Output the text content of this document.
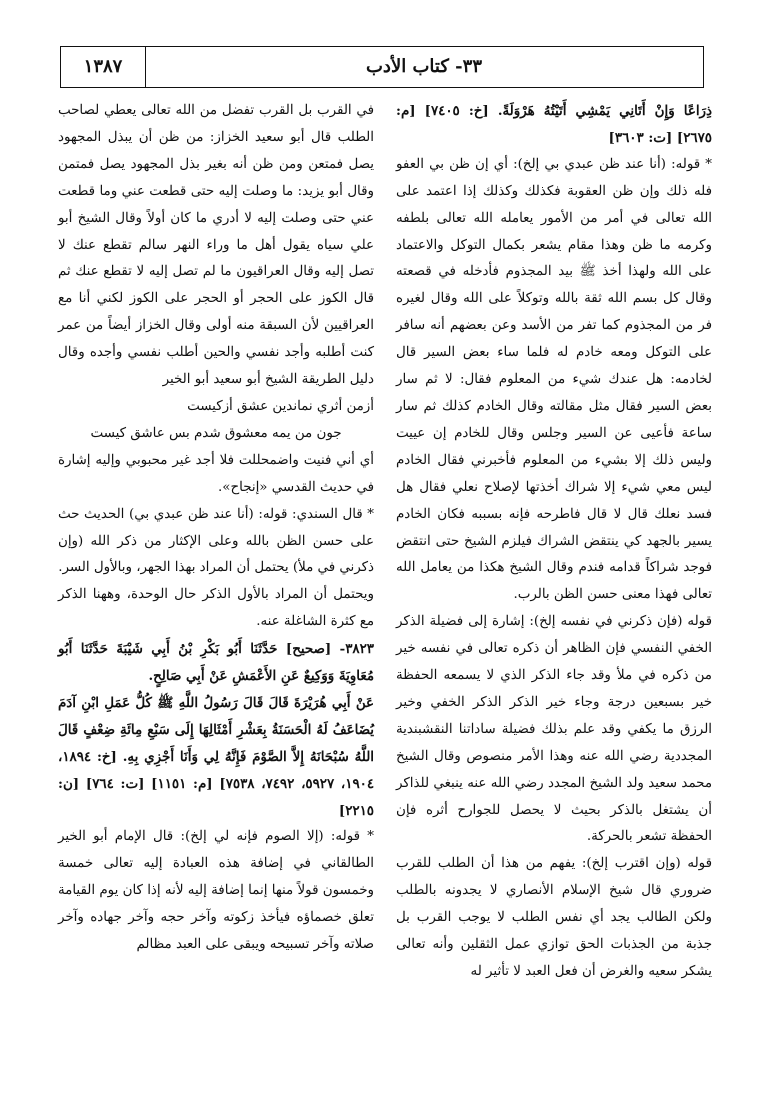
١٣٨٧	٣٣- كتاب الأدب

ذِرَاعًا وَإِنْ أَتَانِي يَمْشِي أَتَيْتُهُ هَرْوَلَةً. [خ: ٧٤٠٥] [م: ٢٦٧٥] [ت: ٣٦٠٣]

* قوله: (أنا عند ظن عبدي بي إلخ): أي إن ظن بي العفو فله ذلك وإن ظن العقوبة فكذلك وكذلك إذا اعتمد على الله تعالى في أمر من الأمور يعامله الله تعالى بلطفه وكرمه ما ظن وهذا مقام يشعر بكمال التوكل والاعتماد على الله ولهذا أخذ ﷺ بيد المجذوم فأدخله في قصعته وقال كل بسم الله ثقة بالله وتوكلاً على الله وقال لغيره فر من المجذوم كما تفر من الأسد وعن بعضهم أنه سافر على التوكل ومعه خادم له فلما ساء بعض السير قال لخادمه: هل عندك شيء من المعلوم فقال: لا ثم سار بعض السير فقال مثل مقالته وقال الخادم كذلك ثم سار ساعة فأعيى عن السير وجلس وقال للخادم إن عييت وليس ذلك إلا بشيء من المعلوم فأخبرني فقال الخادم ليس معي شيء إلا شراك أخذتها لإصلاح نعلي فقال هل فسد نعلك قال لا قال فاطرحه فإنه بسببه فكان الخادم يسير بالجهد كي ينتقض الشراك فيلزم الشيخ حتى انتقض فوجد شراكاً قدامه فندم وقال الشيخ هكذا من يعامل الله تعالى فهذا معنى حسن الظن بالرب.

قوله (فإن ذكرني في نفسه إلخ): إشارة إلى فضيلة الذكر الخفي النفسي فإن الظاهر أن ذكره تعالى في نفسه خير من ذكره في ملأ وقد جاء الذكر الذي لا يسمعه الحفظة خير بسبعين درجة وجاء خير الذكر الذكر الخفي وخير الرزق ما يكفي وقد علم بذلك فضيلة ساداتنا النقشبندية المجددية رضي الله عنه وهذا الأمر منصوص وقال الشيخ محمد سعيد ولد الشيخ المجدد رضي الله عنه ينبغي للذاكر أن يشتغل بالذكر بحيث لا يحصل للجوارح أثره فإن الحفظة تشعر بالحركة.

قوله (وإن اقترب إلخ): يفهم من هذا أن الطلب للقرب ضروري قال شيخ الإسلام الأنصاري لا يجدونه بالطلب ولكن الطالب يجد أي نفس الطلب لا يوجب القرب بل جذبة من الجذبات الحق توازي عمل الثقلين وأنه تعالى يشكر سعيه والغرض أن فعل العبد لا تأثير له

في القرب بل القرب تفضل من الله تعالى يعطي لصاحب الطلب قال أبو سعيد الخزاز: من ظن أن يبذل المجهود يصل فمتعن ومن ظن أنه بغير بذل المجهود يصل فمتمن وقال أبو يزيد: ما وصلت إليه حتى قطعت عني وما قطعت عني حتى وصلت إليه لا أدري ما كان أولاً وقال الشيخ أبو علي سياه يقول أهل ما وراء النهر سالم تقطع عنك لا تصل إليه وقال العراقيون ما لم تصل إليه لا تقطع عنك ثم قال الكوز على الحجر أو الحجر على الكوز لكني أنا مع العراقيين لأن السبقة منه أولى وقال الخزاز أيضاً من عمر كنت أطلبه وأجد نفسي والحين أطلب نفسي وأجده وقال دليل الطريقة الشيخ أبو سعيد أبو الخير

أزمن أثري نماندين عشق أزكيست

جون من يمه معشوق شدم بس عاشق كيست

أي أني فنيت واضمحللت فلا أجد غير محبوبي وإليه إشارة في حديث القدسي «إنجاح».

* قال السندي: قوله: (أنا عند ظن عبدي بي) الحديث حث على حسن الظن بالله وعلى الإكثار من ذكر الله (وإن ذكرني في ملأ) يحتمل أن المراد بهذا الجهر، وبالأول السر.

ويحتمل أن المراد بالأول الذكر حال الوحدة، وههنا الذكر مع كثرة الشاغلة عنه.

٣٨٢٣- [صحيح] حَدَّثَنَا أَبُو بَكْرِ بْنُ أَبِي شَيْبَةَ حَدَّثَنَا أَبُو مُعَاوِيَةَ وَوَكِيعٌ عَنِ الأَعْمَشِ عَنْ أَبِي صَالِحٍ.

عَنْ أَبِي هُرَيْرَةَ قَالَ قَالَ رَسُولُ اللَّهِ ﷺ كُلُّ عَمَلِ ابْنِ آدَمَ يُضَاعَفُ لَهُ الْحَسَنَةُ بِعَشْرِ أَمْثَالِهَا إِلَى سَبْعِ مِائَةِ ضِعْفٍ قَالَ اللَّهُ سُبْحَانَهُ إِلاَّ الصَّوْمَ فَإِنَّهُ لِي وَأَنَا أَجْزِي بِهِ. [خ: ١٨٩٤، ١٩٠٤، ٥٩٢٧، ٧٤٩٢، ٧٥٣٨] [م: ١١٥١] [ت: ٧٦٤] [ن: ٢٢١٥]

* قوله: (إلا الصوم فإنه لي إلخ): قال الإمام أبو الخير الطالقاني في إضافة هذه العبادة إليه تعالى خمسة وخمسون قولاً منها إنما إضافة إليه لأنه إذا كان يوم القيامة تعلق خصماؤه فيأخذ زكوته وآخر حجه وآخر جهاده وآخر صلاته وآخر تسبيحه ويبقى على العبد مظالم
